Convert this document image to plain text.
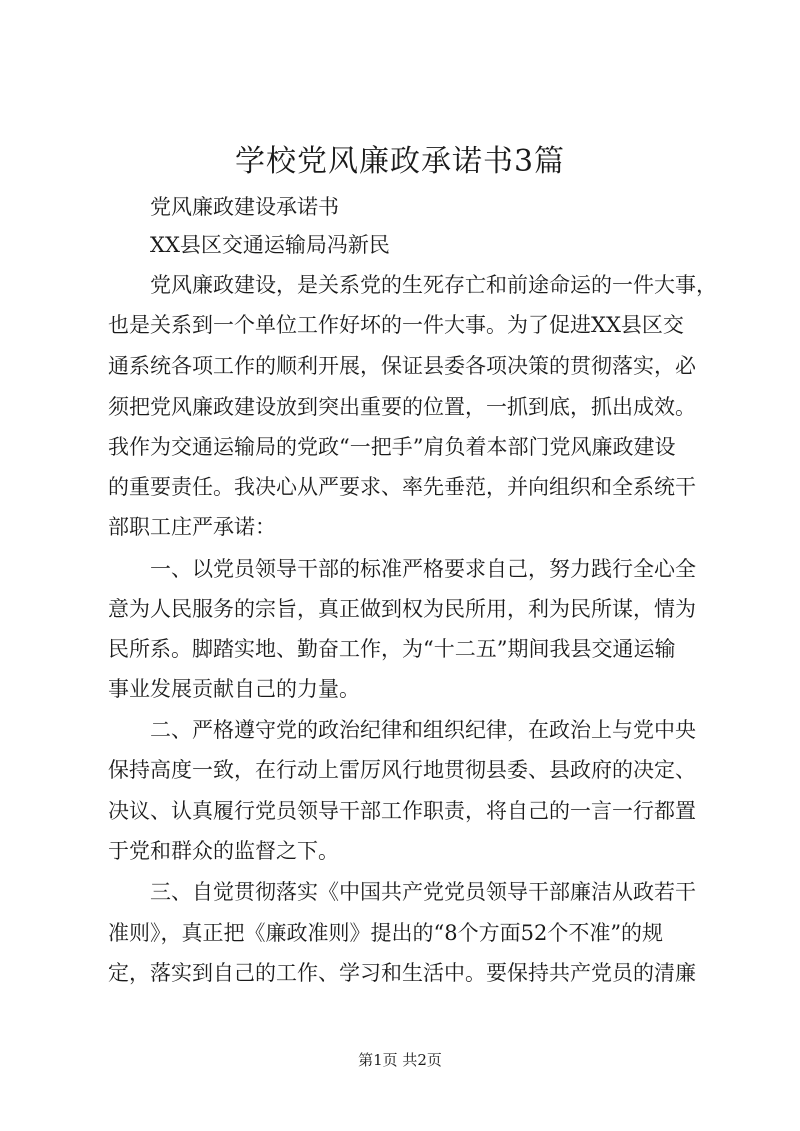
学校党风廉政承诺书3篇

　　党风廉政建设承诺书

　　XX县区交通运输局冯新民

　　党风廉政建设，是关系党的生死存亡和前途命运的一件大事，

也是关系到一个单位工作好坏的一件大事。为了促进XX县区交

通系统各项工作的顺利开展，保证县委各项决策的贯彻落实，必

须把党风廉政建设放到突出重要的位置，一抓到底，抓出成效。

我作为交通运输局的党政“一把手”肩负着本部门党风廉政建设

的重要责任。我决心从严要求、率先垂范，并向组织和全系统干

部职工庄严承诺：

　　一、以党员领导干部的标准严格要求自己，努力践行全心全

意为人民服务的宗旨，真正做到权为民所用，利为民所谋，情为

民所系。脚踏实地、勤奋工作，为“十二五”期间我县交通运输

事业发展贡献自己的力量。

　　二、严格遵守党的政治纪律和组织纪律，在政治上与党中央

保持高度一致，在行动上雷厉风行地贯彻县委、县政府的决定、

决议、认真履行党员领导干部工作职责，将自己的一言一行都置

于党和群众的监督之下。

　　三、自觉贯彻落实《中国共产党党员领导干部廉洁从政若干

准则》，真正把《廉政准则》提出的“8个方面52个不准”的规

定，落实到自己的工作、学习和生活中。要保持共产党员的清廉

第1页 共2页
